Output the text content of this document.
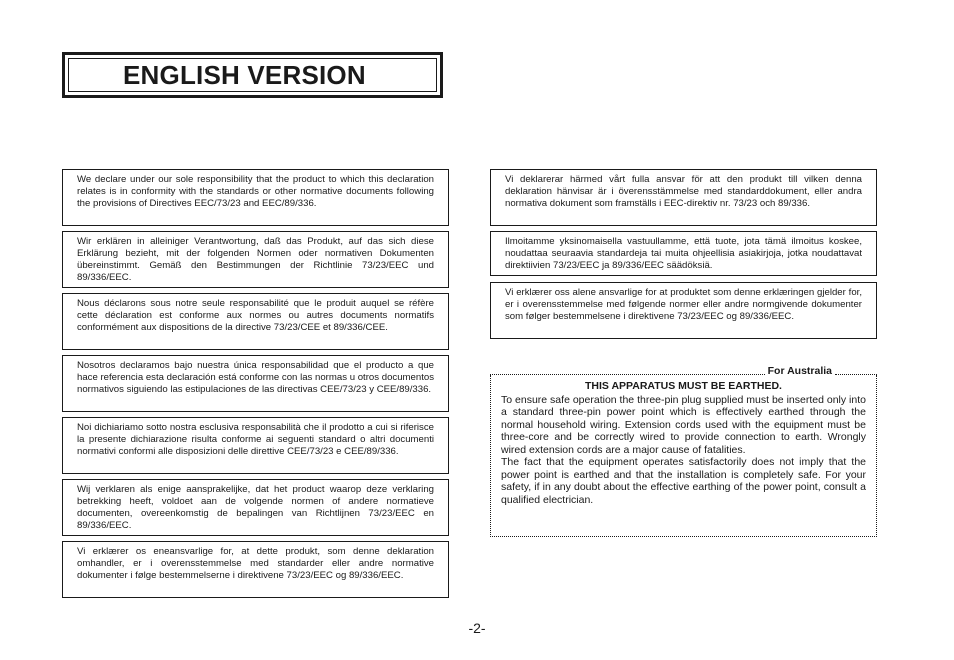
ENGLISH VERSION
We declare under our sole responsibility that the product to which this declaration relates is in conformity with the standards or other normative documents following the provisions of Directives EEC/73/23 and EEC/89/336.
Wir erklären in alleiniger Verantwortung, daß das Produkt, auf das sich diese Erklärung bezieht, mit der folgenden Normen oder normativen Dokumenten übereinstimmt. Gemäß den Bestimmungen der Richtlinie 73/23/EEC und 89/336/EEC.
Nous déclarons sous notre seule responsabilité que le produit auquel se réfère cette déclaration est conforme aux normes ou autres documents normatifs conformément aux dispositions de la directive 73/23/CEE et 89/336/CEE.
Nosotros declaramos bajo nuestra única responsabilidad que el producto a que hace referencia esta declaración está conforme con las normas u otros documentos normativos siguiendo las estipulaciones de las directivas CEE/73/23 y CEE/89/336.
Noi dichiariamo sotto nostra esclusiva responsabilità che il prodotto a cui si riferisce la presente dichiarazione risulta conforme ai seguenti standard o altri documenti normativi conformi alle disposizioni delle direttive CEE/73/23 e CEE/89/336.
Wij verklaren als enige aansprakelijke, dat het product waarop deze verklaring betrekking heeft, voldoet aan de volgende normen of andere normatieve documenten, overeenkomstig de bepalingen van Richtlijnen 73/23/EEC en 89/336/EEC.
Vi erklærer os eneansvarlige for, at dette produkt, som denne deklaration omhandler, er i overensstemmelse med standarder eller andre normative dokumenter i følge bestemmelserne i direktivene 73/23/EEC og 89/336/EEC.
Vi deklarerar härmed vårt fulla ansvar för att den produkt till vilken denna deklaration hänvisar är i överensstämmelse med standarddokument, eller andra normativa dokument som framställs i EEC-direktiv nr. 73/23 och 89/336.
Ilmoitamme yksinomaisella vastuullamme, että tuote, jota tämä ilmoitus koskee, noudattaa seuraavia standardeja tai muita ohjeellisia asiakirjoja, jotka noudattavat direktiivien 73/23/EEC ja 89/336/EEC säädöksiä.
Vi erklærer oss alene ansvarlige for at produktet som denne erklæringen gjelder for, er i overensstemmelse med følgende normer eller andre normgivende dokumenter som følger bestemmelsene i direktivene 73/23/EEC og 89/336/EEC.
For Australia
THIS APPARATUS MUST BE EARTHED.

To ensure safe operation the three-pin plug supplied must be inserted only into a standard three-pin power point which is effectively earthed through the normal household wiring. Extension cords used with the equipment must be three-core and be correctly wired to provide connection to earth. Wrongly wired extension cords are a major cause of fatalities.

The fact that the equipment operates satisfactorily does not imply that the power point is earthed and that the installation is completely safe. For your safety, if in any doubt about the effective earthing of the power point, consult a qualified electrician.

-2-
